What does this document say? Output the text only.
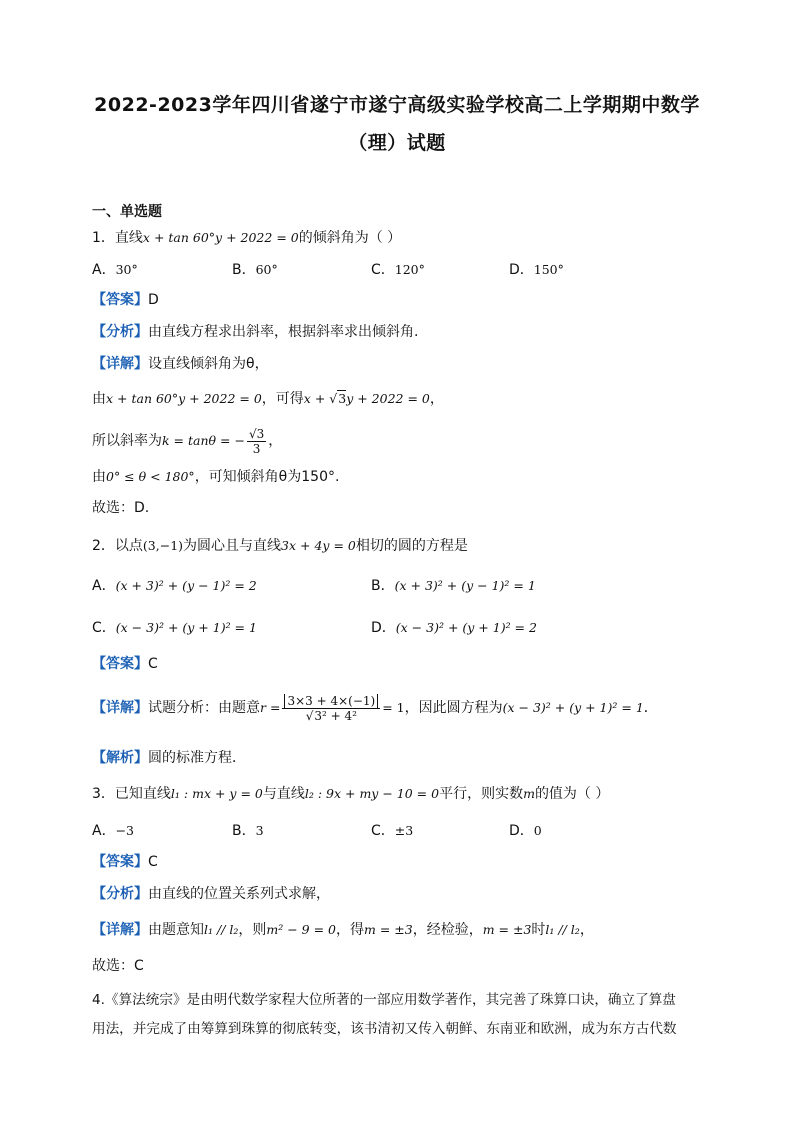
2022-2023学年四川省遂宁市遂宁高级实验学校高二上学期期中数学
（理）试题
一、单选题
1．直线x + tan 60°y + 2022 = 0的倾斜角为（ ）
A．30°	B．60°	C．120°	D．150°
【答案】D
【分析】由直线方程求出斜率，根据斜率求出倾斜角.
【详解】设直线倾斜角为θ，
由x + tan 60°y + 2022 = 0，可得x + √3y + 2022 = 0，
所以斜率为k = tanθ = − $\frac{√3}{3}$ ，
由0° ≤ θ < 180°，可知倾斜角θ为150°.
故选：D.
2．以点(3,−1)为圆心且与直线3x + 4y = 0相切的圆的方程是
A．(x + 3)² + (y − 1)² = 2	B．(x + 3)² + (y − 1)² = 1
C．(x − 3)² + (y + 1)² = 1	D．(x − 3)² + (y + 1)² = 2
【答案】C
【详解】试题分析：由题意$r = \frac{3\times 3 + 4\times(-1)}{\text{√3² + 4²}} = 1$，因此圆方程为(x − 3)² + (y + 1)² = 1．
【解析】圆的标准方程．
3．已知直线l₁ : mx + y = 0与直线l₂ : 9x + my − 10 = 0平行，则实数m的值为（ ）
A．−3	B．3	C．±3	D．0
【答案】C
【分析】由直线的位置关系列式求解，
【详解】由题意知l₁ // l₂，则m² − 9 = 0，得m = ±3，经检验，m = ±3时l₁ // l₂，
故选：C
4.《算法统宗》是由明代数学家程大位所著的一部应用数学著作，其完善了珠算口诀，确立了算盘
用法，并完成了由筹算到珠算的彻底转变，该书清初又传入朝鲜、东南亚和欧洲，成为东方古代数
